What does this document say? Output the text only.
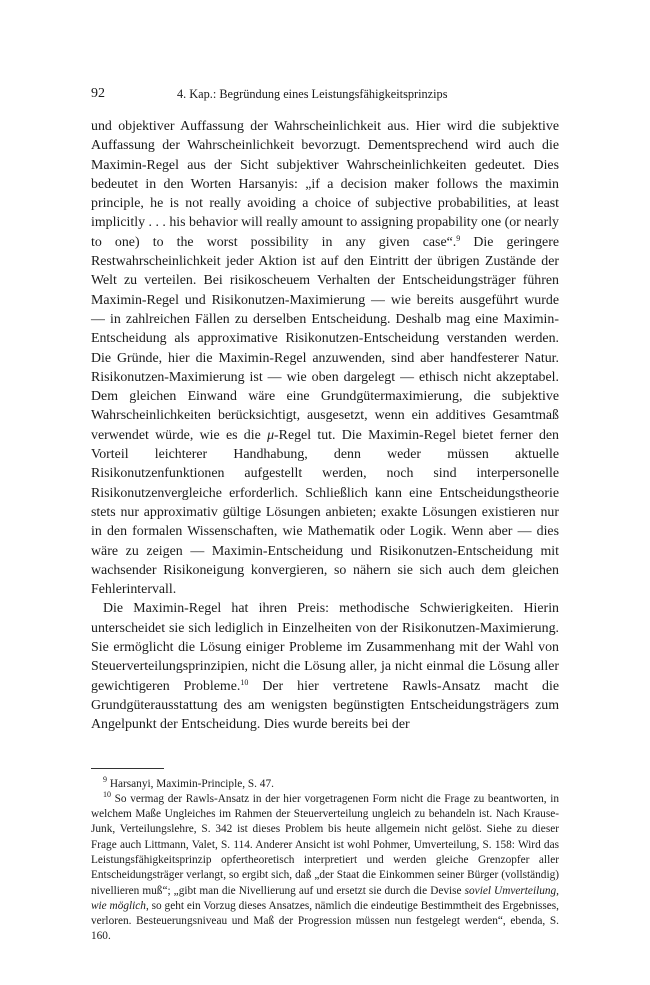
92	4. Kap.: Begründung eines Leistungsfähigkeitsprinzips

und objektiver Auffassung der Wahrscheinlichkeit aus. Hier wird die subjektive Auffassung der Wahrscheinlichkeit bevorzugt. Dementsprechend wird auch die Maximin-Regel aus der Sicht subjektiver Wahrscheinlichkeiten gedeutet. Dies bedeutet in den Worten Harsanyis: „if a decision maker follows the maximin principle, he is not really avoiding a choice of subjective probabilities, at least implicitly . . . his behavior will really amount to assigning propability one (or nearly to one) to the worst possibility in any given case“.$^9$ Die geringere Restwahrscheinlichkeit jeder Aktion ist auf den Eintritt der übrigen Zustände der Welt zu verteilen. Bei risikoscheuem Verhalten der Entscheidungsträger führen Maximin-Regel und Risikonutzen-Maximierung — wie bereits ausgeführt wurde — in zahlreichen Fällen zu derselben Entscheidung. Deshalb mag eine Maximin-Entscheidung als approximative Risikonutzen-Entscheidung verstanden werden. Die Gründe, hier die Maximin-Regel anzuwenden, sind aber handfesterer Natur. Risikonutzen-Maximierung ist — wie oben dargelegt — ethisch nicht akzeptabel. Dem gleichen Einwand wäre eine Grundgütermaximierung, die subjektive Wahrscheinlichkeiten berücksichtigt, ausgesetzt, wenn ein additives Gesamtmaß verwendet würde, wie es die μ-Regel tut. Die Maximin-Regel bietet ferner den Vorteil leichterer Handhabung, denn weder müssen aktuelle Risikonutzenfunktionen aufgestellt werden, noch sind interpersonelle Risikonutzenvergleiche erforderlich. Schließlich kann eine Entscheidungstheorie stets nur approximativ gültige Lösungen anbieten; exakte Lösungen existieren nur in den formalen Wissenschaften, wie Mathematik oder Logik. Wenn aber — dies wäre zu zeigen — Maximin-Entscheidung und Risikonutzen-Entscheidung mit wachsender Risikoneigung konvergieren, so nähern sie sich auch dem gleichen Fehlerintervall.

Die Maximin-Regel hat ihren Preis: methodische Schwierigkeiten. Hierin unterscheidet sie sich lediglich in Einzelheiten von der Risikonutzen-Maximierung. Sie ermöglicht die Lösung einiger Probleme im Zusammenhang mit der Wahl von Steuerverteilungsprinzipien, nicht die Lösung aller, ja nicht einmal die Lösung aller gewichtigeren Probleme.$^{10}$ Der hier vertretene Rawls-Ansatz macht die Grundgüterausstattung des am wenigsten begünstigten Entscheidungsträgers zum Angelpunkt der Entscheidung. Dies wurde bereits bei der

$^9$ Harsanyi, Maximin-Principle, S. 47.

$^{10}$ So vermag der Rawls-Ansatz in der hier vorgetragenen Form nicht die Frage zu beantworten, in welchem Maße Ungleiches im Rahmen der Steuerverteilung ungleich zu behandeln ist. Nach Krause-Junk, Verteilungslehre, S. 342 ist dieses Problem bis heute allgemein nicht gelöst. Siehe zu dieser Frage auch Littmann, Valet, S. 114. Anderer Ansicht ist wohl Pohmer, Umverteilung, S. 158: Wird das Leistungsfähigkeitsprinzip opfertheoretisch interpretiert und werden gleiche Grenzopfer aller Entscheidungsträger verlangt, so ergibt sich, daß „der Staat die Einkommen seiner Bürger (vollständig) nivellieren muß“; „gibt man die Nivellierung auf und ersetzt sie durch die Devise soviel Umverteilung, wie möglich, so geht ein Vorzug dieses Ansatzes, nämlich die eindeutige Bestimmtheit des Ergebnisses, verloren. Besteuerungsniveau und Maß der Progression müssen nun festgelegt werden“, ebenda, S. 160.
